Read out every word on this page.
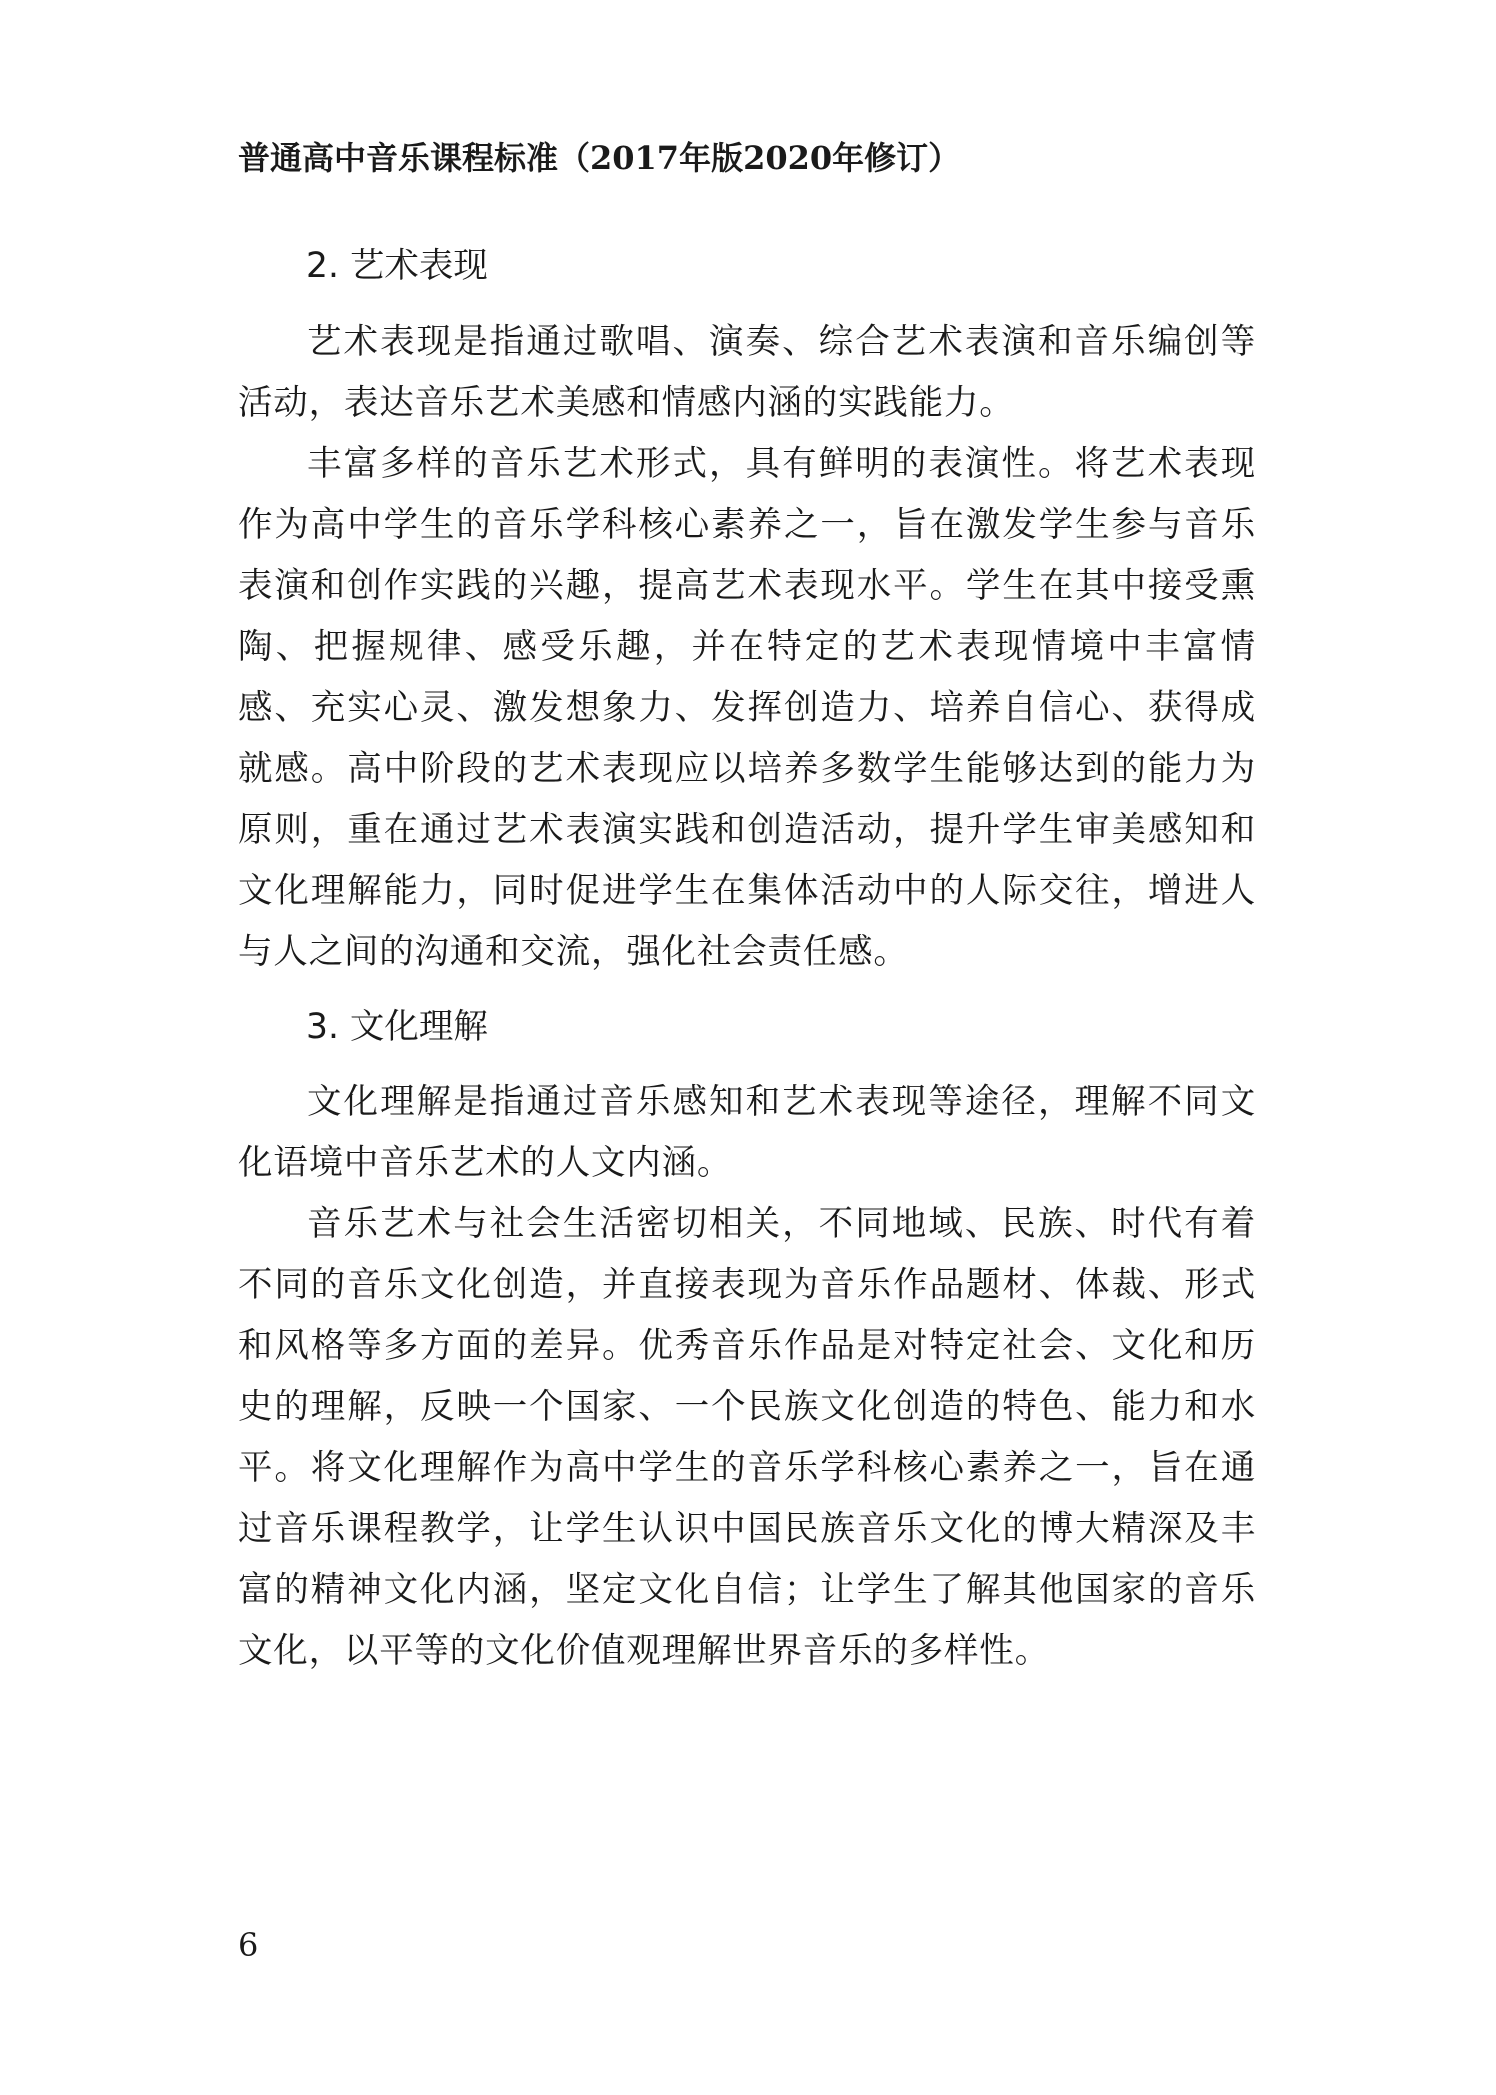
普通高中音乐课程标准（2017年版2020年修订）
2. 艺术表现

艺术表现是指通过歌唱、演奏、综合艺术表演和音乐编创等活动，表达音乐艺术美感和情感内涵的实践能力。

丰富多样的音乐艺术形式，具有鲜明的表演性。将艺术表现作为高中学生的音乐学科核心素养之一，旨在激发学生参与音乐表演和创作实践的兴趣，提高艺术表现水平。学生在其中接受熏陶、把握规律、感受乐趣，并在特定的艺术表现情境中丰富情感、充实心灵、激发想象力、发挥创造力、培养自信心、获得成就感。高中阶段的艺术表现应以培养多数学生能够达到的能力为原则，重在通过艺术表演实践和创造活动，提升学生审美感知和文化理解能力，同时促进学生在集体活动中的人际交往，增进人与人之间的沟通和交流，强化社会责任感。

3. 文化理解

文化理解是指通过音乐感知和艺术表现等途径，理解不同文化语境中音乐艺术的人文内涵。

音乐艺术与社会生活密切相关，不同地域、民族、时代有着不同的音乐文化创造，并直接表现为音乐作品题材、体裁、形式和风格等多方面的差异。优秀音乐作品是对特定社会、文化和历史的理解，反映一个国家、一个民族文化创造的特色、能力和水平。将文化理解作为高中学生的音乐学科核心素养之一，旨在通过音乐课程教学，让学生认识中国民族音乐文化的博大精深及丰富的精神文化内涵，坚定文化自信；让学生了解其他国家的音乐文化，以平等的文化价值观理解世界音乐的多样性。

6
